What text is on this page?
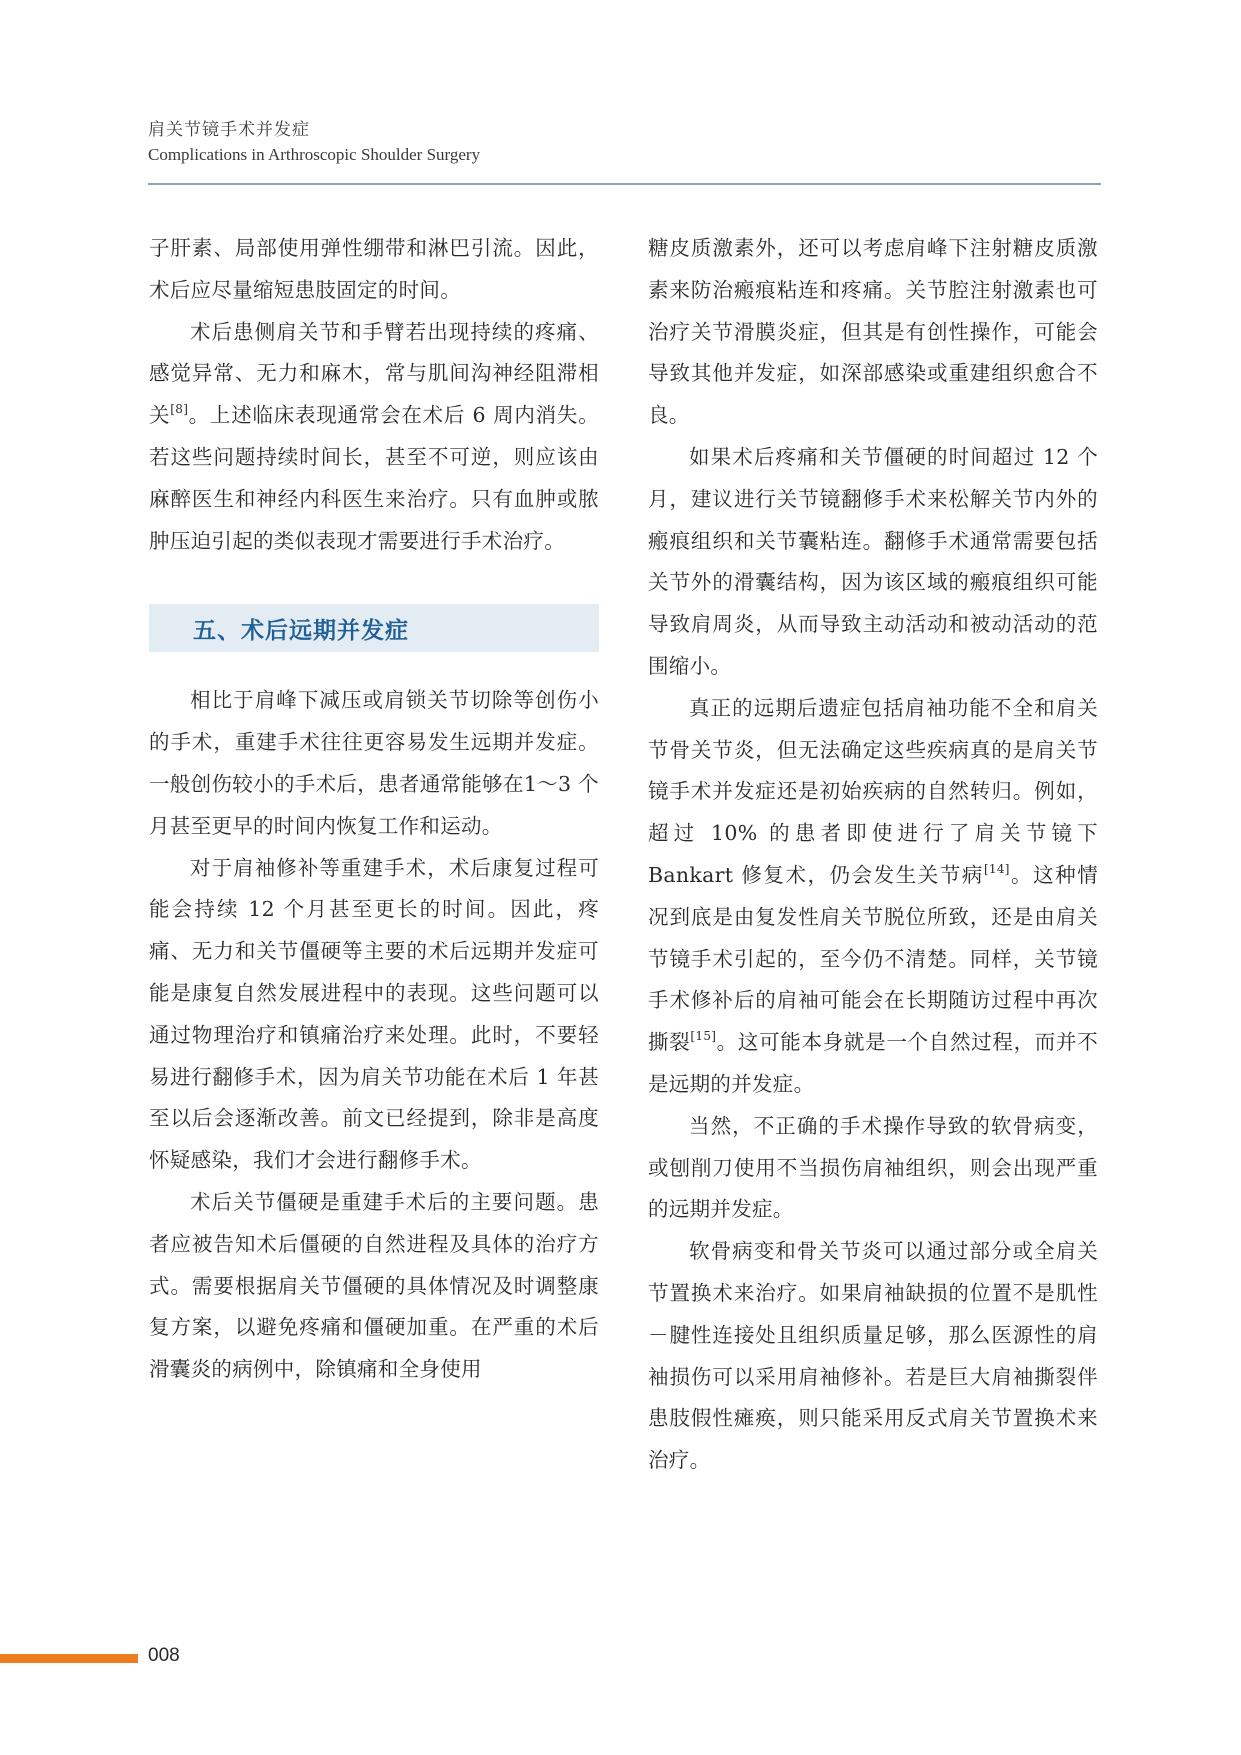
肩关节镜手术并发症
Complications in Arthroscopic Shoulder Surgery

子肝素、局部使用弹性绷带和淋巴引流。因此，术后应尽量缩短患肢固定的时间。

术后患侧肩关节和手臂若出现持续的疼痛、感觉异常、无力和麻木，常与肌间沟神经阻滞相关[8]。上述临床表现通常会在术后 6 周内消失。若这些问题持续时间长，甚至不可逆，则应该由麻醉医生和神经内科医生来治疗。只有血肿或脓肿压迫引起的类似表现才需要进行手术治疗。

五、术后远期并发症

相比于肩峰下减压或肩锁关节切除等创伤小的手术，重建手术往往更容易发生远期并发症。一般创伤较小的手术后，患者通常能够在1～3 个月甚至更早的时间内恢复工作和运动。

对于肩袖修补等重建手术，术后康复过程可能会持续 12 个月甚至更长的时间。因此，疼痛、无力和关节僵硬等主要的术后远期并发症可能是康复自然发展进程中的表现。这些问题可以通过物理治疗和镇痛治疗来处理。此时，不要轻易进行翻修手术，因为肩关节功能在术后 1 年甚至以后会逐渐改善。前文已经提到，除非是高度怀疑感染，我们才会进行翻修手术。

术后关节僵硬是重建手术后的主要问题。患者应被告知术后僵硬的自然进程及具体的治疗方式。需要根据肩关节僵硬的具体情况及时调整康复方案，以避免疼痛和僵硬加重。在严重的术后滑囊炎的病例中，除镇痛和全身使用

糖皮质激素外，还可以考虑肩峰下注射糖皮质激素来防治瘢痕粘连和疼痛。关节腔注射激素也可治疗关节滑膜炎症，但其是有创性操作，可能会导致其他并发症，如深部感染或重建组织愈合不良。

如果术后疼痛和关节僵硬的时间超过 12 个月，建议进行关节镜翻修手术来松解关节内外的瘢痕组织和关节囊粘连。翻修手术通常需要包括关节外的滑囊结构，因为该区域的瘢痕组织可能导致肩周炎，从而导致主动活动和被动活动的范围缩小。

真正的远期后遗症包括肩袖功能不全和肩关节骨关节炎，但无法确定这些疾病真的是肩关节镜手术并发症还是初始疾病的自然转归。例如，超过 10% 的患者即使进行了肩关节镜下 Bankart 修复术，仍会发生关节病[14]。这种情况到底是由复发性肩关节脱位所致，还是由肩关节镜手术引起的，至今仍不清楚。同样，关节镜手术修补后的肩袖可能会在长期随访过程中再次撕裂[15]。这可能本身就是一个自然过程，而并不是远期的并发症。

当然，不正确的手术操作导致的软骨病变，或刨削刀使用不当损伤肩袖组织，则会出现严重的远期并发症。

软骨病变和骨关节炎可以通过部分或全肩关节置换术来治疗。如果肩袖缺损的位置不是肌性－腱性连接处且组织质量足够，那么医源性的肩袖损伤可以采用肩袖修补。若是巨大肩袖撕裂伴患肢假性瘫痪，则只能采用反式肩关节置换术来治疗。

008
